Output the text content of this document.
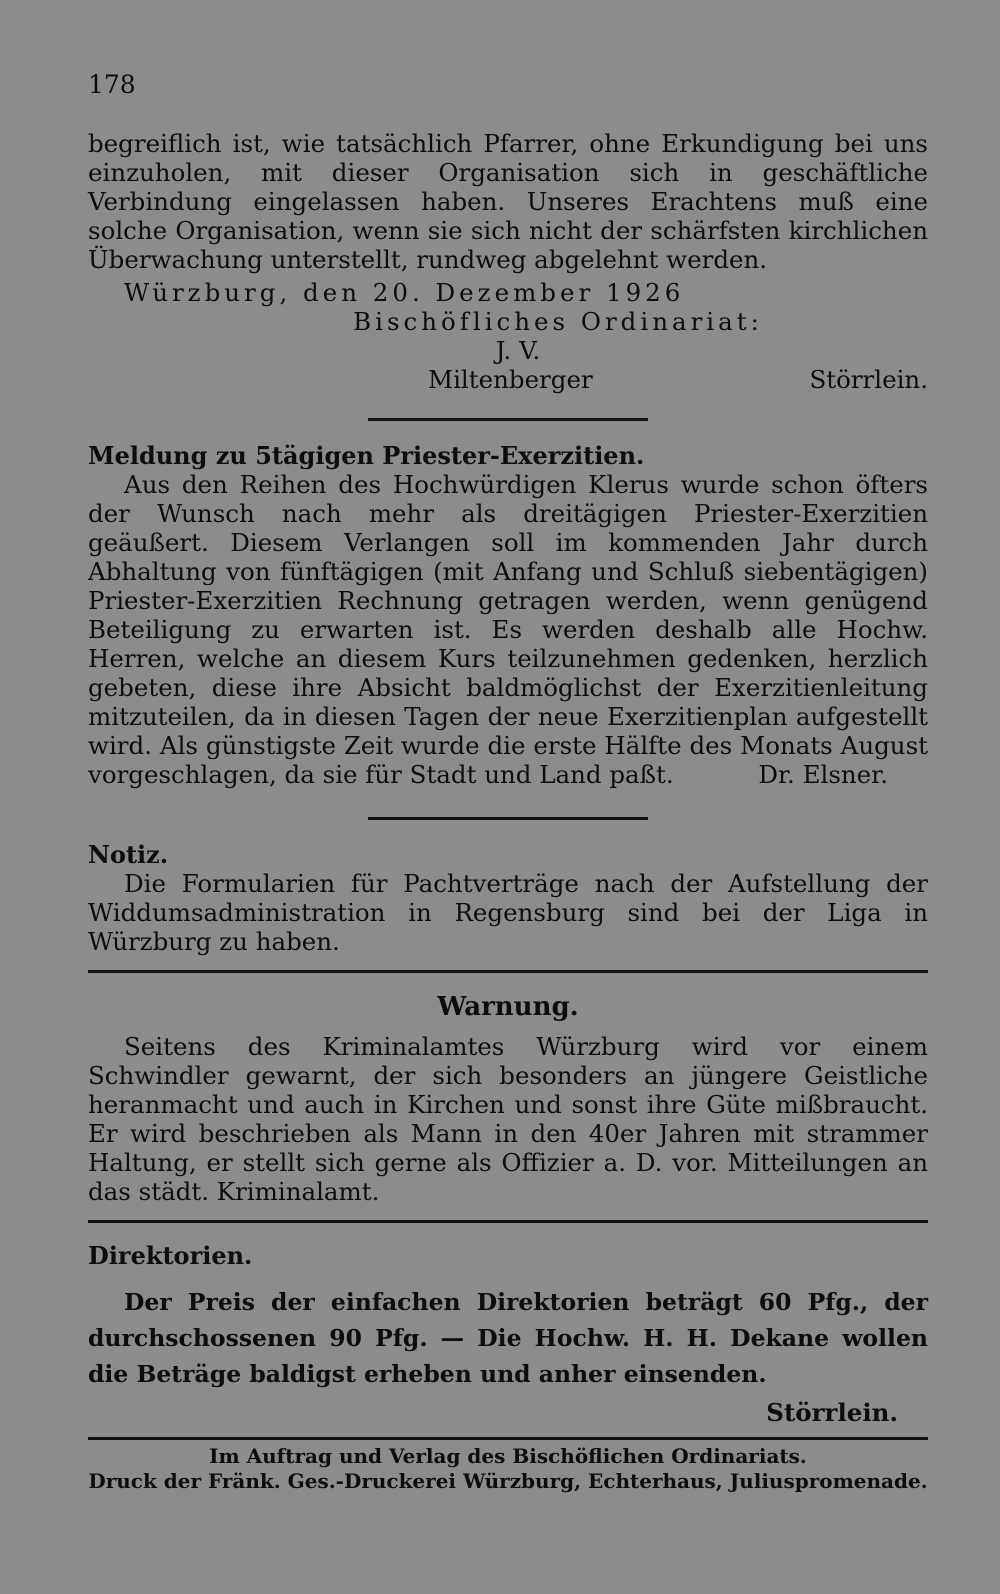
178

begreiflich ist, wie tatsächlich Pfarrer, ohne Erkundigung bei uns einzuholen, mit dieser Organisation sich in geschäftliche Verbindung eingelassen haben. Unseres Erachtens muß eine solche Organisation, wenn sie sich nicht der schärfsten kirchlichen Überwachung unterstellt, rundweg abgelehnt werden.

Würzburg, den 20. Dezember 1926
Bischöfliches Ordinariat:
J. V.
Miltenberger	Störrlein.
Meldung zu 5tägigen Priester-Exerzitien.

Aus den Reihen des Hochwürdigen Klerus wurde schon öfters der Wunsch nach mehr als dreitägigen Priester-Exerzitien geäußert. Diesem Verlangen soll im kommenden Jahr durch Abhaltung von fünftägigen (mit Anfang und Schluß siebentägigen) Priester-Exerzitien Rechnung getragen werden, wenn genügend Beteiligung zu erwarten ist. Es werden deshalb alle Hochw. Herren, welche an diesem Kurs teilzunehmen gedenken, herzlich gebeten, diese ihre Absicht baldmöglichst der Exerzitienleitung mitzuteilen, da in diesen Tagen der neue Exerzitienplan aufgestellt wird. Als günstigste Zeit wurde die erste Hälfte des Monats August vorgeschlagen, da sie für Stadt und Land paßt.	Dr. Elsner.
Notiz.

Die Formularien für Pachtverträge nach der Aufstellung der Widdumsadministration in Regensburg sind bei der Liga in Würzburg zu haben.

Warnung.

Seitens des Kriminalamtes Würzburg wird vor einem Schwindler gewarnt, der sich besonders an jüngere Geistliche heranmacht und auch in Kirchen und sonst ihre Güte mißbraucht. Er wird beschrieben als Mann in den 40er Jahren mit strammer Haltung, er stellt sich gerne als Offizier a. D. vor. Mitteilungen an das städt. Kriminalamt.

Direktorien.

Der Preis der einfachen Direktorien beträgt 60 Pfg., der durchschossenen 90 Pfg. — Die Hochw. H. H. Dekane wollen die Beträge baldigst erheben und anher einsenden.

Störrlein.
Im Auftrag und Verlag des Bischöflichen Ordinariats.
Druck der Fränk. Ges.-Druckerei Würzburg, Echterhaus, Juliuspromenade.
